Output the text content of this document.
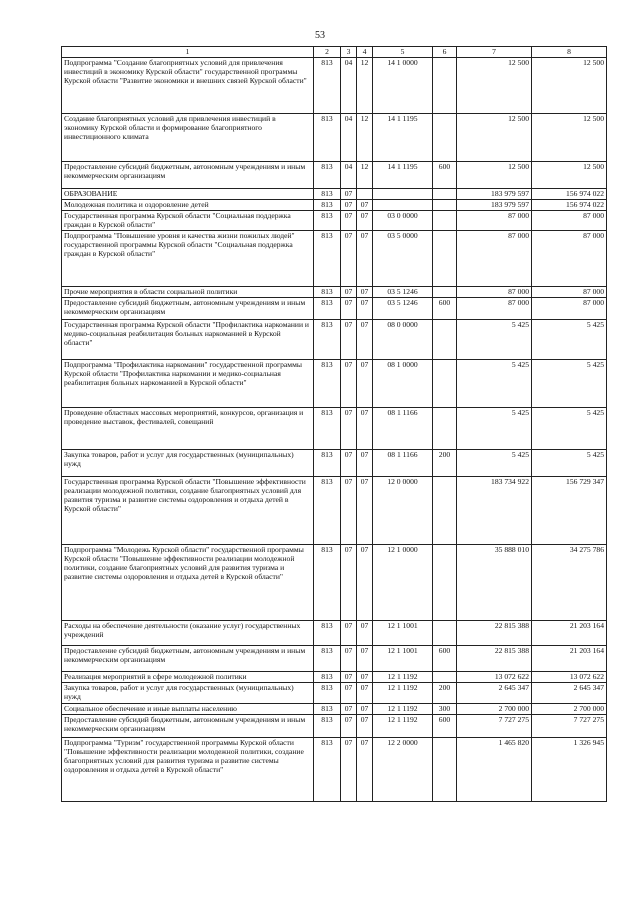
53
1	2	3	4	5	6	7	8
Подпрограмма "Создание благоприятных условий для привлечения инвестиций в экономику Курской области" государственной программы Курской области "Развитие экономики и внешних связей Курской области"	813	04	12	14 1 0000		12 500	12 500
Создание благоприятных условий для привлечения инвестиций в экономику Курской области и формирование благоприятного инвестиционного климата	813	04	12	14 1 1195		12 500	12 500
Предоставление субсидий бюджетным, автономным учреждениям и иным некоммерческим организациям	813	04	12	14 1 1195	600	12 500	12 500
ОБРАЗОВАНИЕ	813	07				183 979 597	156 974 022
Молодежная политика и оздоровление детей	813	07	07			183 979 597	156 974 022
Государственная программа Курской области "Социальная поддержка граждан в Курской области"	813	07	07	03 0 0000		87 000	87 000
Подпрограмма "Повышение уровня и качества жизни пожилых людей" государственной программы Курской области "Социальная поддержка граждан в Курской области"	813	07	07	03 5 0000		87 000	87 000
Прочие мероприятия в области социальной политики	813	07	07	03 5 1246		87 000	87 000
Предоставление субсидий бюджетным, автономным учреждениям и иным некоммерческим организациям	813	07	07	03 5 1246	600	87 000	87 000
Государственная программа Курской области "Профилактика наркомании и медико-социальная реабилитация больных наркоманией в Курской области"	813	07	07	08 0 0000		5 425	5 425
Подпрограмма "Профилактика наркомании" государственной программы Курской области "Профилактика наркомании и медико-социальная реабилитация больных наркоманией в Курской области"	813	07	07	08 1 0000		5 425	5 425
Проведение областных массовых мероприятий, конкурсов, организация и проведение выставок, фестивалей, совещаний	813	07	07	08 1 1166		5 425	5 425
Закупка товаров, работ и услуг для государственных (муниципальных) нужд	813	07	07	08 1 1166	200	5 425	5 425
Государственная программа Курской области "Повышение эффективности реализации молодежной политики, создание благоприятных условий для развития туризма и развитие системы оздоровления и отдыха детей в Курской области"	813	07	07	12 0 0000		183 734 922	156 729 347
Подпрограмма "Молодежь Курской области" государственной программы Курской области "Повышение эффективности реализации молодежной политики, создание благоприятных условий для развития туризма и развитие системы оздоровления и отдыха детей в Курской области"	813	07	07	12 1 0000		35 888 010	34 275 786
Расходы на обеспечение деятельности (оказание услуг) государственных учреждений	813	07	07	12 1 1001		22 815 388	21 203 164
Предоставление субсидий бюджетным, автономным учреждениям и иным некоммерческим организациям	813	07	07	12 1 1001	600	22 815 388	21 203 164
Реализация мероприятий в сфере молодежной политики	813	07	07	12 1 1192		13 072 622	13 072 622
Закупка товаров, работ и услуг для государственных (муниципальных) нужд	813	07	07	12 1 1192	200	2 645 347	2 645 347
Социальное обеспечение и иные выплаты населению	813	07	07	12 1 1192	300	2 700 000	2 700 000
Предоставление субсидий бюджетным, автономным учреждениям и иным некоммерческим организациям	813	07	07	12 1 1192	600	7 727 275	7 727 275
Подпрограмма "Туризм" государственной программы Курской области "Повышение эффективности реализации молодежной политики, создание благоприятных условий для развития туризма и развитие системы оздоровления и отдыха детей в Курской области"	813	07	07	12 2 0000		1 465 820	1 326 945
